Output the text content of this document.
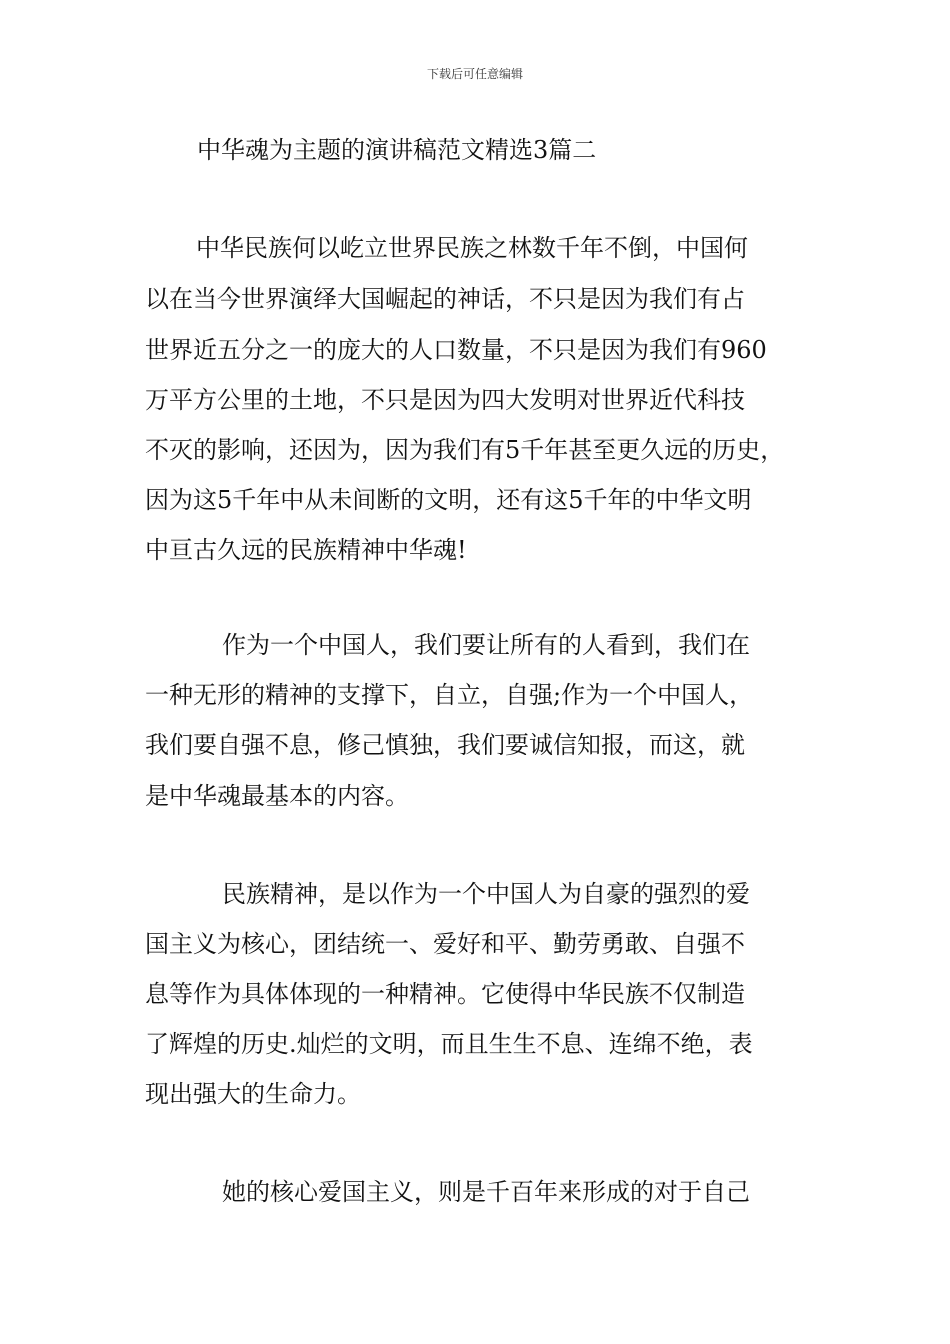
下载后可任意编辑
中华魂为主题的演讲稿范文精选3篇二
中华民族何以屹立世界民族之林数千年不倒，中国何
以在当今世界演绎大国崛起的神话，不只是因为我们有占
世界近五分之一的庞大的人口数量，不只是因为我们有960
万平方公里的土地，不只是因为四大发明对世界近代科技
不灭的影响，还因为，因为我们有5千年甚至更久远的历史，
因为这5千年中从未间断的文明，还有这5千年的中华文明
中亘古久远的民族精神中华魂!
作为一个中国人，我们要让所有的人看到，我们在
一种无形的精神的支撑下，自立，自强;作为一个中国人，
我们要自强不息，修己慎独，我们要诚信知报，而这，就
是中华魂最基本的内容。
民族精神，是以作为一个中国人为自豪的强烈的爱
国主义为核心，团结统一、爱好和平、勤劳勇敢、自强不
息等作为具体体现的一种精神。它使得中华民族不仅制造
了辉煌的历史.灿烂的文明，而且生生不息、连绵不绝，表
现出强大的生命力。
她的核心爱国主义，则是千百年来形成的对于自己
